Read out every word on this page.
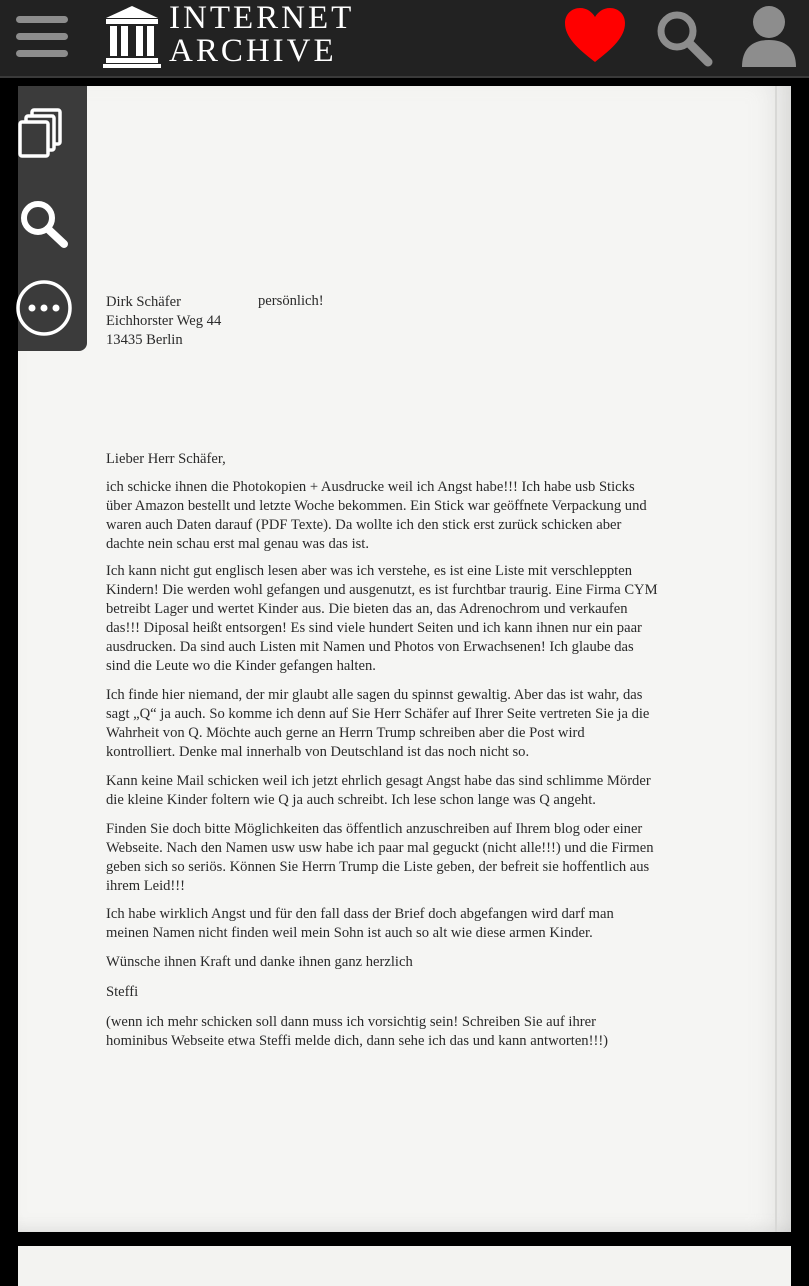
INTERNET
ARCHIVE
Dirk Schäfer
Eichhorster Weg 44
13435 Berlin
persönlich!
Lieber Herr Schäfer,
ich schicke ihnen die Photokopien + Ausdrucke weil ich Angst habe!!! Ich habe usb Sticks
über Amazon bestellt und letzte Woche bekommen. Ein Stick war geöffnete Verpackung und
waren auch Daten darauf (PDF Texte). Da wollte ich den stick erst zurück schicken aber
dachte nein schau erst mal genau was das ist.
Ich kann nicht gut englisch lesen aber was ich verstehe, es ist eine Liste mit verschleppten
Kindern! Die werden wohl gefangen und ausgenutzt, es ist furchtbar traurig. Eine Firma CYM
betreibt Lager und wertet Kinder aus. Die bieten das an, das Adrenochrom und verkaufen
das!!! Diposal heißt entsorgen! Es sind viele hundert Seiten und ich kann ihnen nur ein paar
ausdrucken. Da sind auch Listen mit Namen und Photos von Erwachsenen! Ich glaube das
sind die Leute wo die Kinder gefangen halten.
Ich finde hier niemand, der mir glaubt alle sagen du spinnst gewaltig. Aber das ist wahr, das
sagt „Q“ ja auch. So komme ich denn auf Sie Herr Schäfer auf Ihrer Seite vertreten Sie ja die
Wahrheit von Q. Möchte auch gerne an Herrn Trump schreiben aber die Post wird
kontrolliert. Denke mal innerhalb von Deutschland ist das noch nicht so.
Kann keine Mail schicken weil ich jetzt ehrlich gesagt Angst habe das sind schlimme Mörder
die kleine Kinder foltern wie Q ja auch schreibt. Ich lese schon lange was Q angeht.
Finden Sie doch bitte Möglichkeiten das öffentlich anzuschreiben auf Ihrem blog oder einer
Webseite. Nach den Namen usw usw habe ich paar mal geguckt (nicht alle!!!) und die Firmen
geben sich so seriös. Können Sie Herrn Trump die Liste geben, der befreit sie hoffentlich aus
ihrem Leid!!!
Ich habe wirklich Angst und für den fall dass der Brief doch abgefangen wird darf man
meinen Namen nicht finden weil mein Sohn ist auch so alt wie diese armen Kinder.
Wünsche ihnen Kraft und danke ihnen ganz herzlich
Steffi
(wenn ich mehr schicken soll dann muss ich vorsichtig sein! Schreiben Sie auf ihrer
hominibus Webseite etwa Steffi melde dich, dann sehe ich das und kann antworten!!!)
